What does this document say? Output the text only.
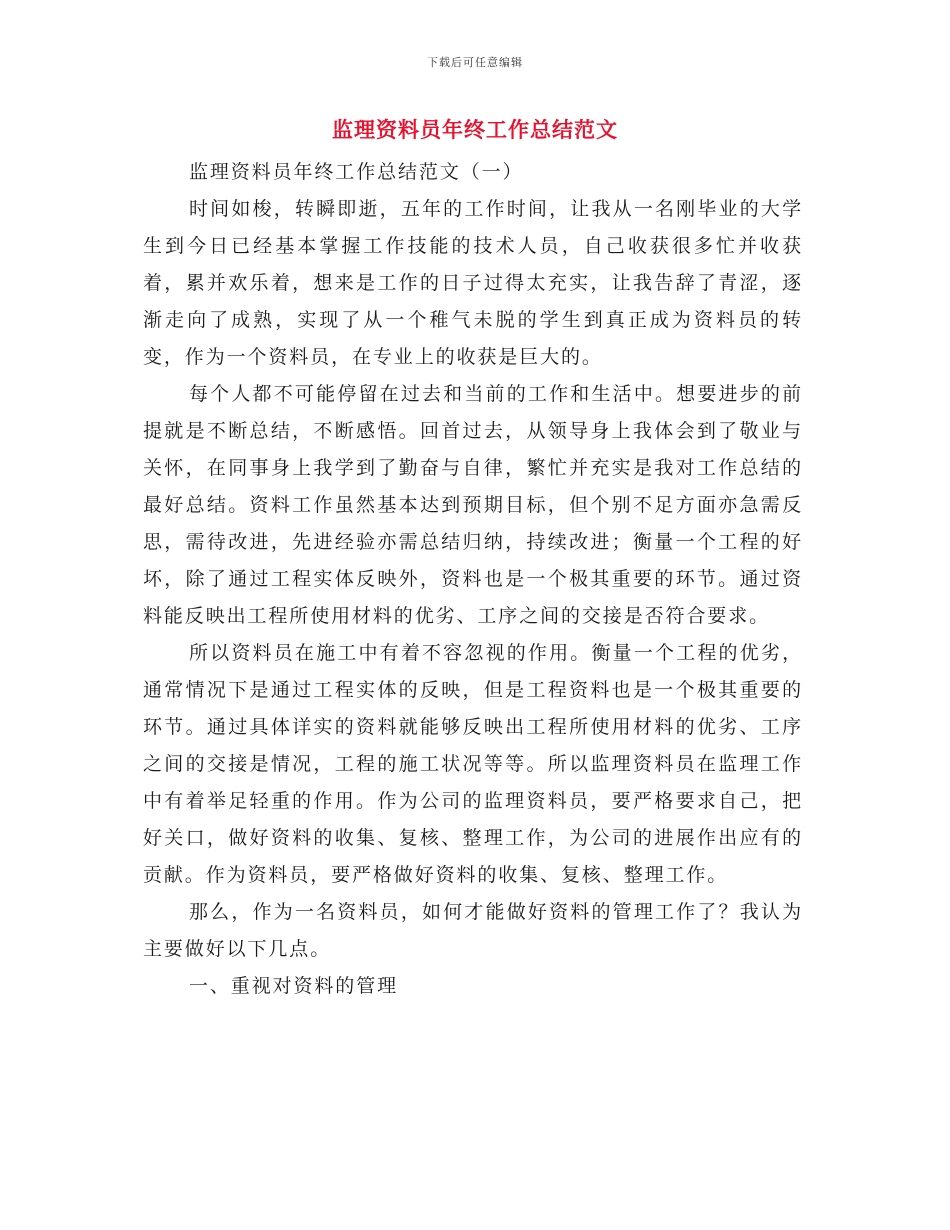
下载后可任意编辑
监理资料员年终工作总结范文

监理资料员年终工作总结范文（一）

时间如梭，转瞬即逝，五年的工作时间，让我从一名刚毕业的大学生到今日已经基本掌握工作技能的技术人员，自己收获很多忙并收获着，累并欢乐着，想来是工作的日子过得太充实，让我告辞了青涩，逐渐走向了成熟，实现了从一个稚气未脱的学生到真正成为资料员的转变，作为一个资料员，在专业上的收获是巨大的。

每个人都不可能停留在过去和当前的工作和生活中。想要进步的前提就是不断总结，不断感悟。回首过去，从领导身上我体会到了敬业与关怀，在同事身上我学到了勤奋与自律，繁忙并充实是我对工作总结的最好总结。资料工作虽然基本达到预期目标，但个别不足方面亦急需反思，需待改进，先进经验亦需总结归纳，持续改进；衡量一个工程的好坏，除了通过工程实体反映外，资料也是一个极其重要的环节。通过资料能反映出工程所使用材料的优劣、工序之间的交接是否符合要求。

所以资料员在施工中有着不容忽视的作用。衡量一个工程的优劣，通常情况下是通过工程实体的反映，但是工程资料也是一个极其重要的环节。通过具体详实的资料就能够反映出工程所使用材料的优劣、工序之间的交接是情况，工程的施工状况等等。所以监理资料员在监理工作中有着举足轻重的作用。作为公司的监理资料员，要严格要求自己，把好关口，做好资料的收集、复核、整理工作，为公司的进展作出应有的贡献。作为资料员，要严格做好资料的收集、复核、整理工作。

那么，作为一名资料员，如何才能做好资料的管理工作了？我认为主要做好以下几点。

一、重视对资料的管理
